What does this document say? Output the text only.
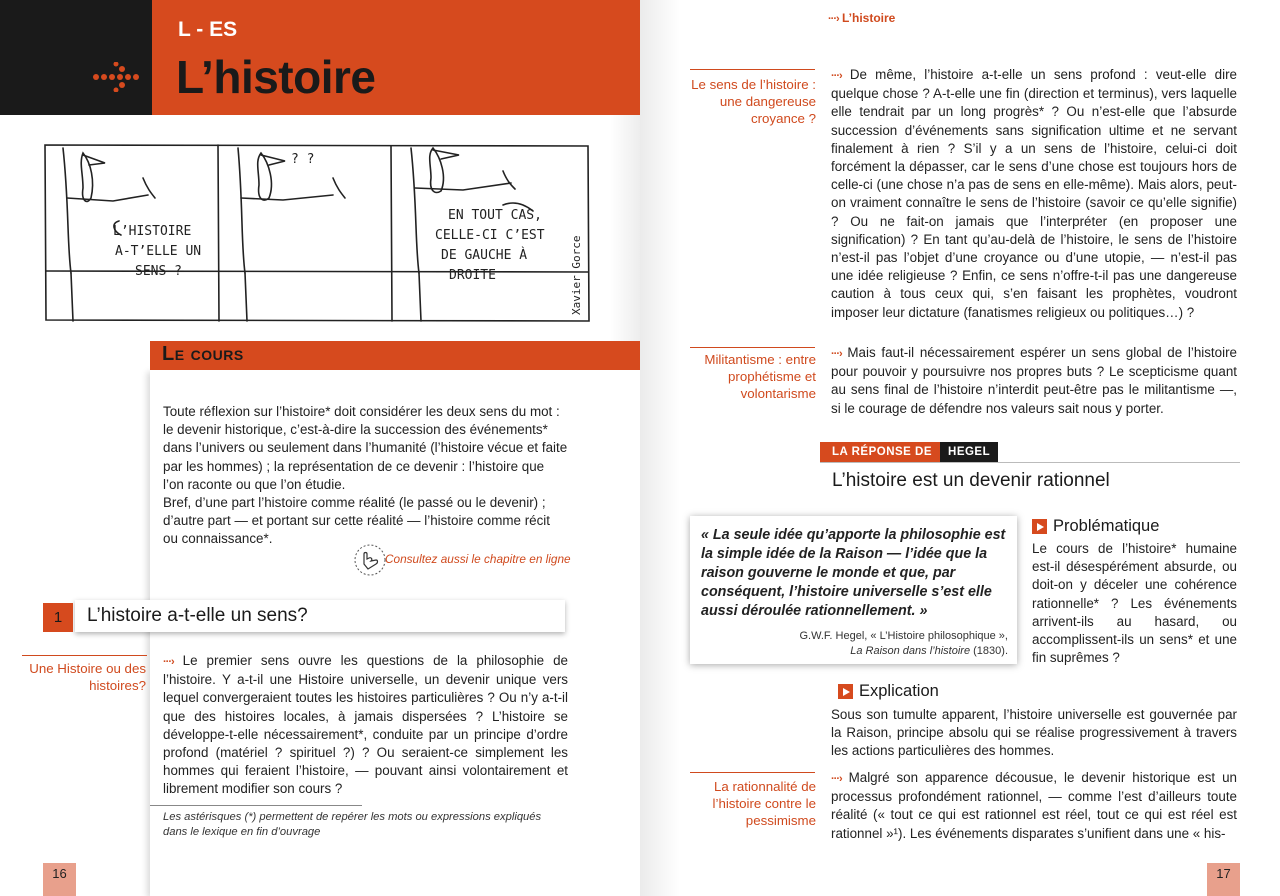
L - ES
L’histoire
L’HISTOIRE
A-T’ELLE UN
SENS ?
? ?
EN TOUT CAS,
CELLE-CI C’EST
DE GAUCHE À
DROITE	Xavier Gorce
Le cours

Toute réflexion sur l’histoire* doit considérer les deux sens du mot : le devenir historique, c’est-à-dire la succession des événements* dans l’univers ou seulement dans l’humanité (l’histoire vécue et faite par les hommes) ; la représentation de ce devenir : l’histoire que l’on raconte ou que l’on étudie.

Bref, d’une part l’histoire comme réalité (le passé ou le devenir) ; d’autre part — et portant sur cette réalité — l’histoire comme récit ou connaissance*.

Consultez aussi le chapitre en ligne
1	L’histoire a-t-elle un sens?
Une Histoire ou des histoires?
···› Le premier sens ouvre les questions de la philosophie de l’histoire. Y a-t-il une Histoire universelle, un devenir unique vers lequel convergeraient toutes les histoires particulières ? Ou n’y a-t-il que des histoires locales, à jamais dispersées ? L’histoire se développe-t-elle nécessairement*, conduite par un principe d’ordre profond (matériel ? spirituel ?) ? Ou seraient-ce simplement les hommes qui feraient l’histoire, — pouvant ainsi volontairement et librement modifier son cours ?
Les astérisques (*) permettent de repérer les mots ou expressions expliqués dans le lexique en fin d’ouvrage
16
···› L’histoire
Le sens de l’histoire : une dangereuse croyance ?
···› De même, l’histoire a-t-elle un sens profond : veut-elle dire quelque chose ? A-t-elle une fin (direction et terminus), vers laquelle elle tendrait par un long progrès* ? Ou n’est-elle que l’absurde succession d’événements sans signification ultime et ne servant finalement à rien ? S’il y a un sens de l’histoire, celui-ci doit forcément la dépasser, car le sens d’une chose est toujours hors de celle-ci (une chose n’a pas de sens en elle-même). Mais alors, peut-on vraiment connaître le sens de l’histoire (savoir ce qu’elle signifie) ? Ou ne fait-on jamais que l’interpréter (en proposer une signification) ? En tant qu’au-delà de l’histoire, le sens de l’histoire n’est-il pas l’objet d’une croyance ou d’une utopie, — n’est-il pas une idée religieuse ? Enfin, ce sens n’offre-t-il pas une dangereuse caution à tous ceux qui, s’en faisant les prophètes, voudront imposer leur dictature (fanatismes religieux ou politiques…) ?
Militantisme : entre prophétisme et volontarisme
···› Mais faut-il nécessairement espérer un sens global de l’histoire pour pouvoir y poursuivre nos propres buts ? Le scepticisme quant au sens final de l’histoire n’interdit peut-être pas le militantisme —, si le courage de défendre nos valeurs sait nous y porter.
LA RÉPONSE DE	HEGEL
L’histoire est un devenir rationnel
« La seule idée qu’apporte la philosophie est la simple idée de la Raison — l’idée que la raison gouverne le monde et que, par conséquent, l’histoire universelle s’est elle aussi déroulée rationnellement. »
G.W.F. Hegel, « L’Histoire philosophique »,
La Raison dans l’histoire (1830).
Problématique
Le cours de l’histoire* humaine est-il désespérément absurde, ou doit-on y déceler une cohérence rationnelle* ? Les événements arrivent-ils au hasard, ou accomplissent-ils un sens* et une fin suprêmes ?
Explication
Sous son tumulte apparent, l’histoire universelle est gouvernée par la Raison, principe absolu qui se réalise progressivement à travers les actions particulières des hommes.
La rationnalité de l’histoire contre le pessimisme
···› Malgré son apparence décousue, le devenir historique est un processus profondément rationnel, — comme l’est d’ailleurs toute réalité (« tout ce qui est rationnel est réel, tout ce qui est réel est rationnel »¹). Les événements disparates s’unifient dans une « his-
17
